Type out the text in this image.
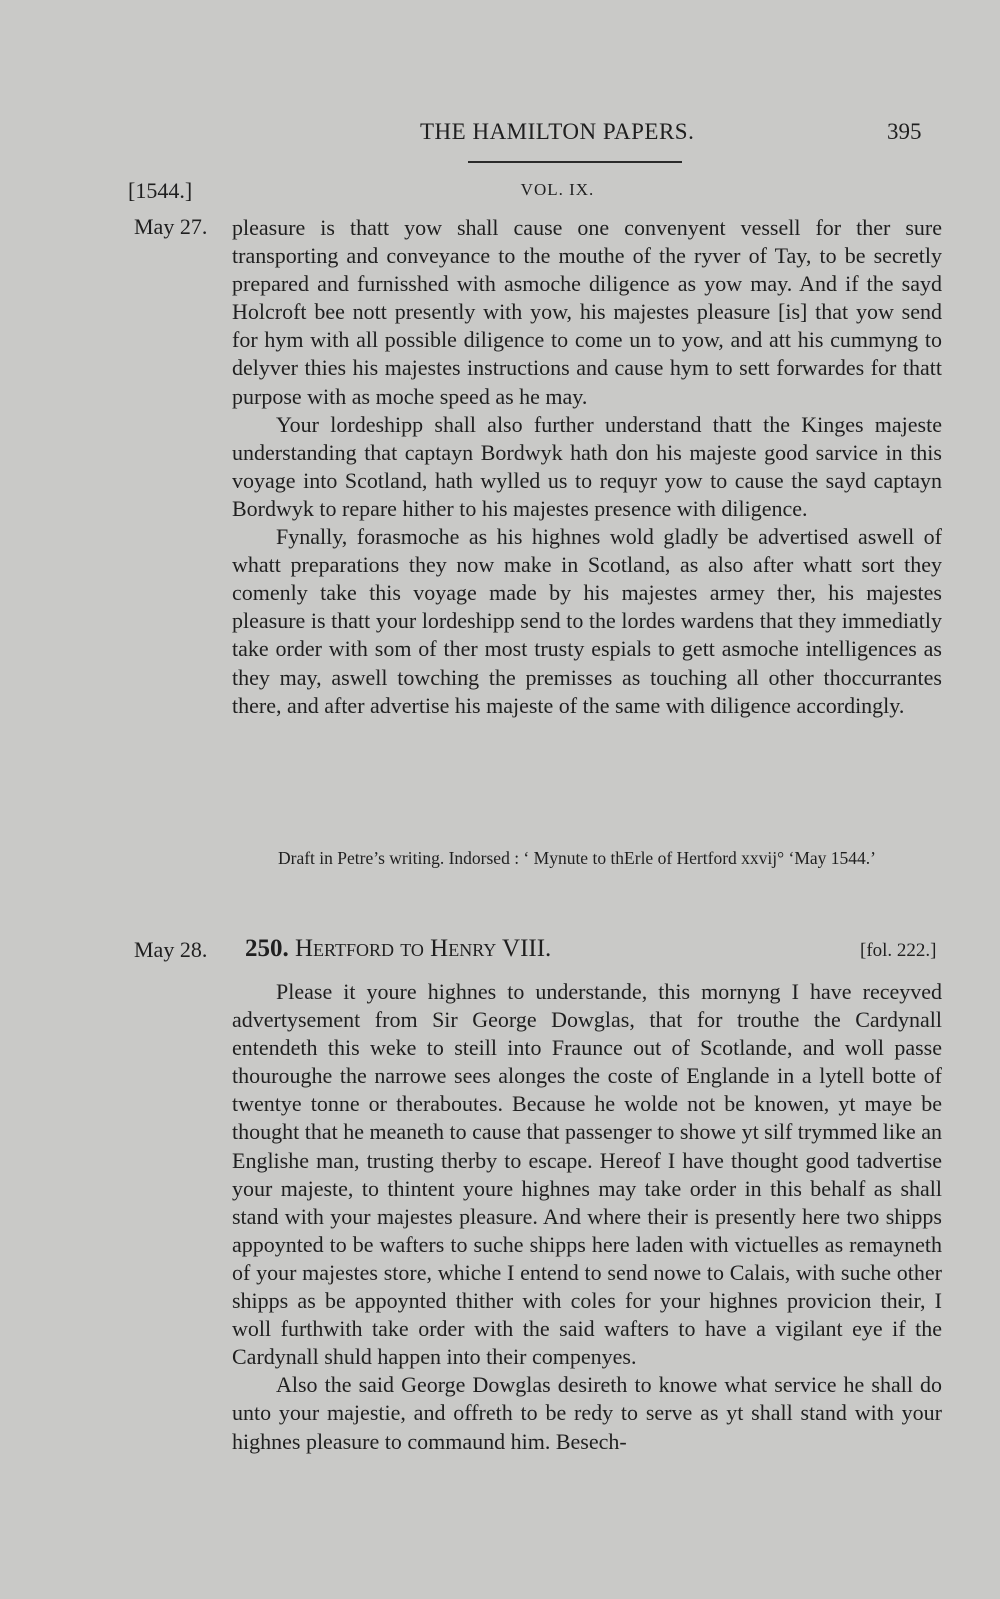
THE HAMILTON PAPERS.	395
[1544.]	VOL. IX.
May 27. pleasure is thatt yow shall cause one convenyent vessell for ther sure transporting and conveyance to the mouthe of the ryver of Tay, to be secretly prepared and furnisshed with asmoche diligence as yow may. And if the sayd Holcroft bee nott presently with yow, his majestes pleasure [is] that yow send for hym with all possible diligence to come un to yow, and att his cummyng to delyver thies his majestes instructions and cause hym to sett forwardes for thatt purpose with as moche speed as he may.

Your lordeshipp shall also further understand thatt the Kinges majeste understanding that captayn Bordwyk hath don his majeste good sarvice in this voyage into Scotland, hath wylled us to requyr yow to cause the sayd captayn Bordwyk to repare hither to his majestes presence with diligence.

Fynally, forasmoche as his highnes wold gladly be advertised aswell of whatt preparations they now make in Scotland, as also after whatt sort they comenly take this voyage made by his majestes armey ther, his majestes pleasure is thatt your lordeshipp send to the lordes wardens that they immediatly take order with som of ther most trusty espials to gett asmoche intelligences as they may, aswell towching the premisses as touching all other thoccurrantes there, and after advertise his majeste of the same with diligence accordingly.

Draft in Petre’s writing. Indorsed : ‘ Mynute to thErle of Hertford xxvij° ‘May 1544.’

May 28. 250. Hertford to Henry VIII.	[fol. 222.]

Please it youre highnes to understande, this mornyng I have receyved advertysement from Sir George Dowglas, that for trouthe the Cardynall entendeth this weke to steill into Fraunce out of Scotlande, and woll passe thouroughe the narrowe sees alonges the coste of Englande in a lytell botte of twentye tonne or theraboutes. Because he wolde not be knowen, yt maye be thought that he meaneth to cause that passenger to showe yt silf trymmed like an Englishe man, trusting therby to escape. Hereof I have thought good tadvertise your majeste, to thintent youre highnes may take order in this behalf as shall stand with your majestes pleasure. And where their is presently here two shipps appoynted to be wafters to suche shipps here laden with victuelles as remayneth of your majestes store, whiche I entend to send nowe to Calais, with suche other shipps as be appoynted thither with coles for your highnes provicion their, I woll furthwith take order with the said wafters to have a vigilant eye if the Cardynall shuld happen into their compenyes.

Also the said George Dowglas desireth to knowe what service he shall do unto your majestie, and offreth to be redy to serve as yt shall stand with your highnes pleasure to commaund him. Besech-
